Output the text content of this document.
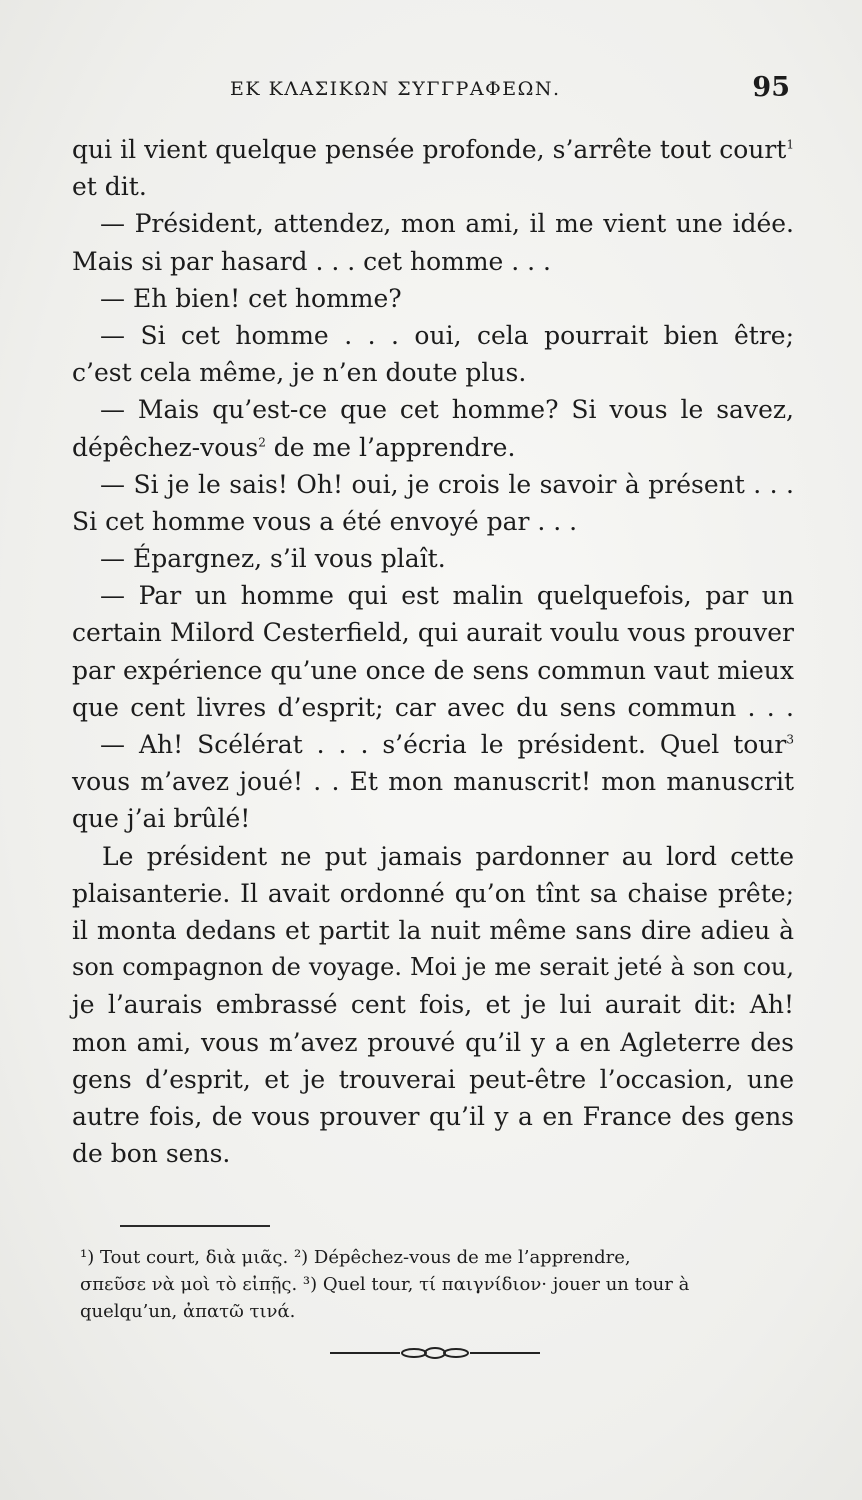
ΕΚ ΚΛΑΣΙΚΩΝ ΣΥΓΓΡΑΦΕΩΝ.	95
qui il vient quelque pensée profonde, s’arrête tout court$^1$
et dit.
— Président, attendez, mon ami, il me vient une idée.
Mais si par hasard . . . cet homme . . .
— Eh bien! cet homme?
— Si cet homme . . . oui, cela pourrait bien être;
c’est cela même, je n’en doute plus.
— Mais qu’est-ce que cet homme? Si vous le savez,
dépêchez-vous$^2$ de me l’apprendre.
— Si je le sais! Oh! oui, je crois le savoir à présent . . .
Si cet homme vous a été envoyé par . . .
— Épargnez, s’il vous plaît.
— Par un homme qui est malin quelquefois, par un
certain Milord Cesterfield, qui aurait voulu vous prouver
par expérience qu’une once de sens commun vaut mieux
que cent livres d’esprit; car avec du sens commun . . .
— Ah! Scélérat . . . s’écria le président. Quel tour$^3$
vous m’avez joué! . . Et mon manuscrit! mon manuscrit
que j’ai brûlé!
Le président ne put jamais pardonner au lord cette
plaisanterie. Il avait ordonné qu’on tînt sa chaise prête;
il monta dedans et partit la nuit même sans dire adieu à
son compagnon de voyage. Moi je me serait jeté à son cou,
je l’aurais embrassé cent fois, et je lui aurait dit: Ah!
mon ami, vous m’avez prouvé qu’il y a en Agleterre des
gens d’esprit, et je trouverai peut-être l’occasion, une
autre fois, de vous prouver qu’il y a en France des gens
de bon sens.
¹) Tout court, διὰ μιᾶς. ²) Dépêchez-vous de me l’apprendre,
σπεῦσε νὰ μοὶ τὸ εἰπῇς. ³) Quel tour, τί παιγνίδιον· jouer un tour à
quelqu’un, ἀπατῶ τινά.
